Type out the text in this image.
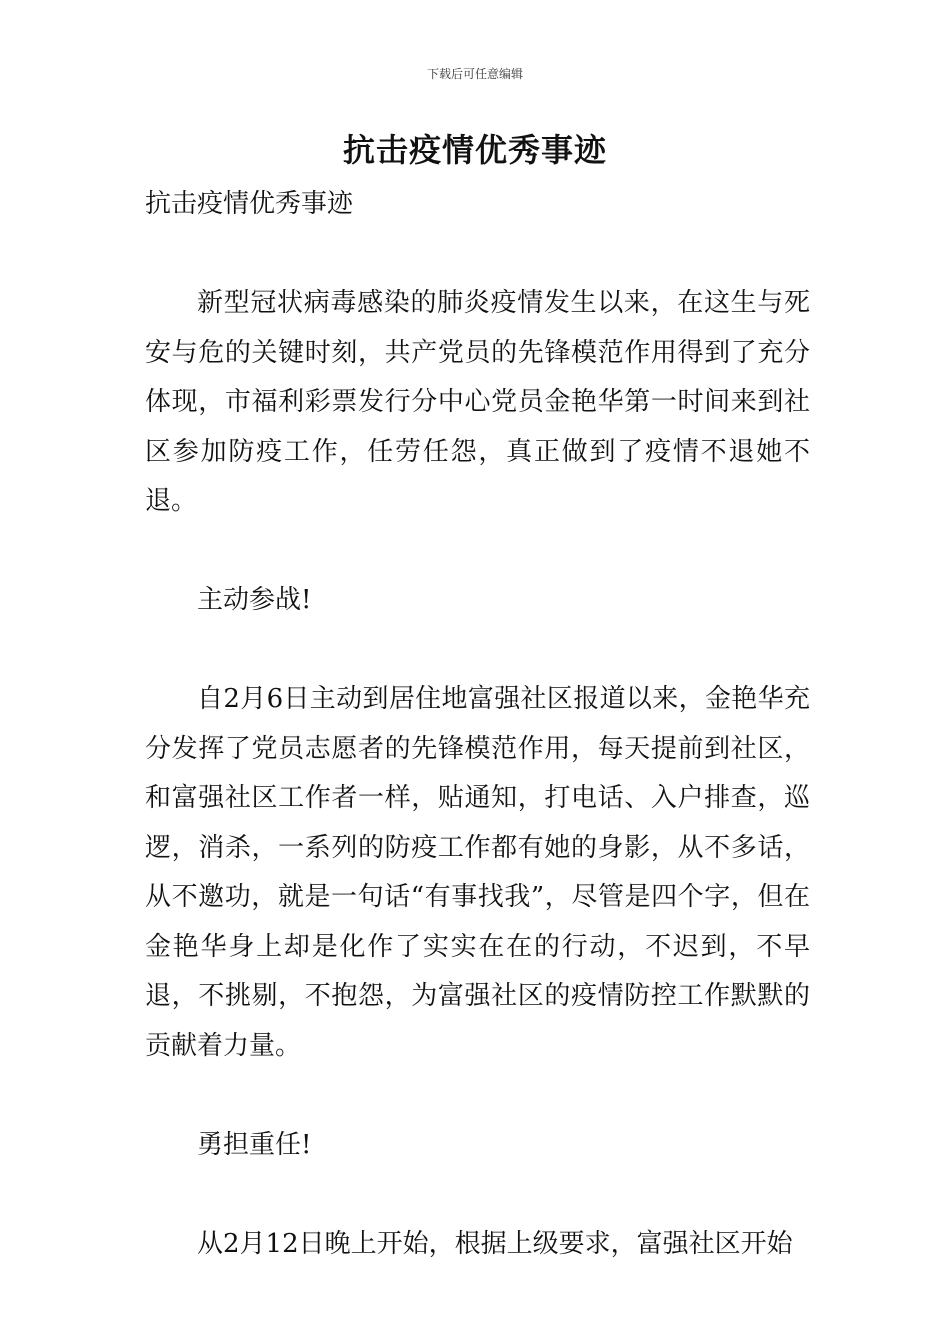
下载后可任意编辑
抗击疫情优秀事迹

抗击疫情优秀事迹

新型冠状病毒感染的肺炎疫情发生以来，在这生与死安与危的关键时刻，共产党员的先锋模范作用得到了充分体现，市福利彩票发行分中心党员金艳华第一时间来到社区参加防疫工作，任劳任怨，真正做到了疫情不退她不退。

主动参战!

自2月6日主动到居住地富强社区报道以来，金艳华充分发挥了党员志愿者的先锋模范作用，每天提前到社区，和富强社区工作者一样，贴通知，打电话、入户排查，巡逻，消杀，一系列的防疫工作都有她的身影，从不多话，从不邀功，就是一句话“有事找我”，尽管是四个字，但在金艳华身上却是化作了实实在在的行动，不迟到，不早退，不挑剔，不抱怨，为富强社区的疫情防控工作默默的贡献着力量。

勇担重任!

从2月12日晚上开始，根据上级要求，富强社区开始
